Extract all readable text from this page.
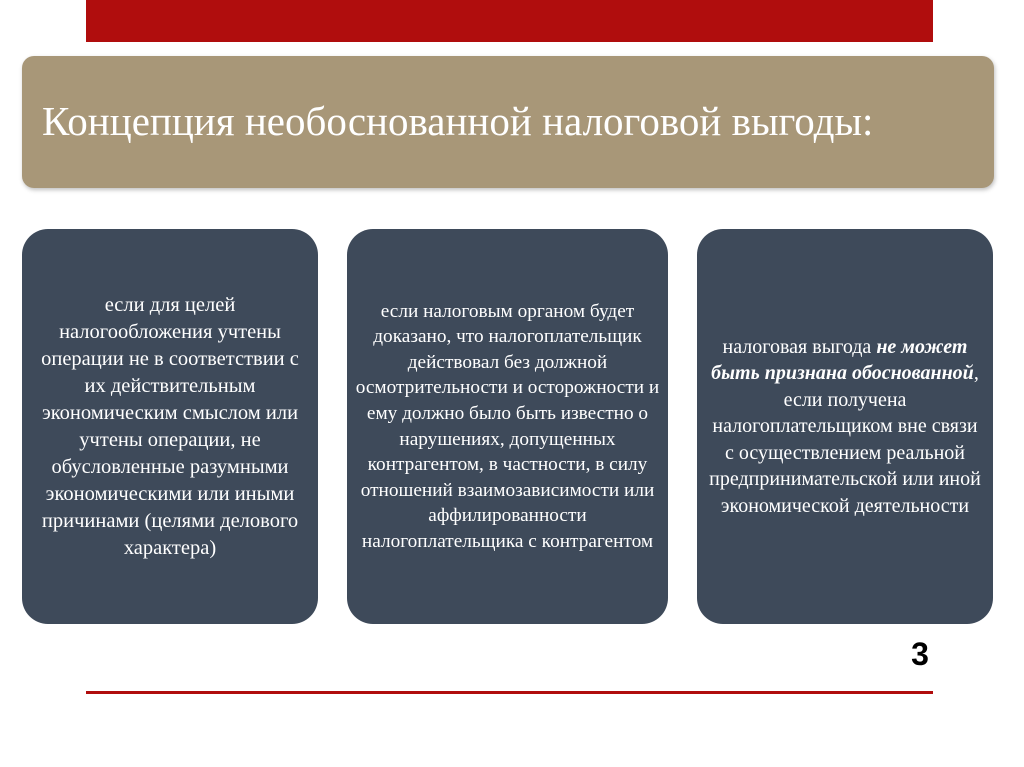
Концепция необоснованной налоговой выгоды:
если для целей налогообложения учтены операции не в соответствии с их действительным экономическим смыслом или учтены операции, не обусловленные разумными экономическими или иными причинами (целями делового характера)
если налоговым органом будет доказано, что налогоплательщик действовал без должной осмотрительности и осторожности и ему должно было быть известно о нарушениях, допущенных контрагентом, в частности, в силу отношений взаимозависимости или аффилированности налогоплательщика с контрагентом
налоговая выгода не может быть признана обоснованной, если получена налогоплательщиком вне связи с осуществлением реальной предпринимательской или иной экономической деятельности
3
